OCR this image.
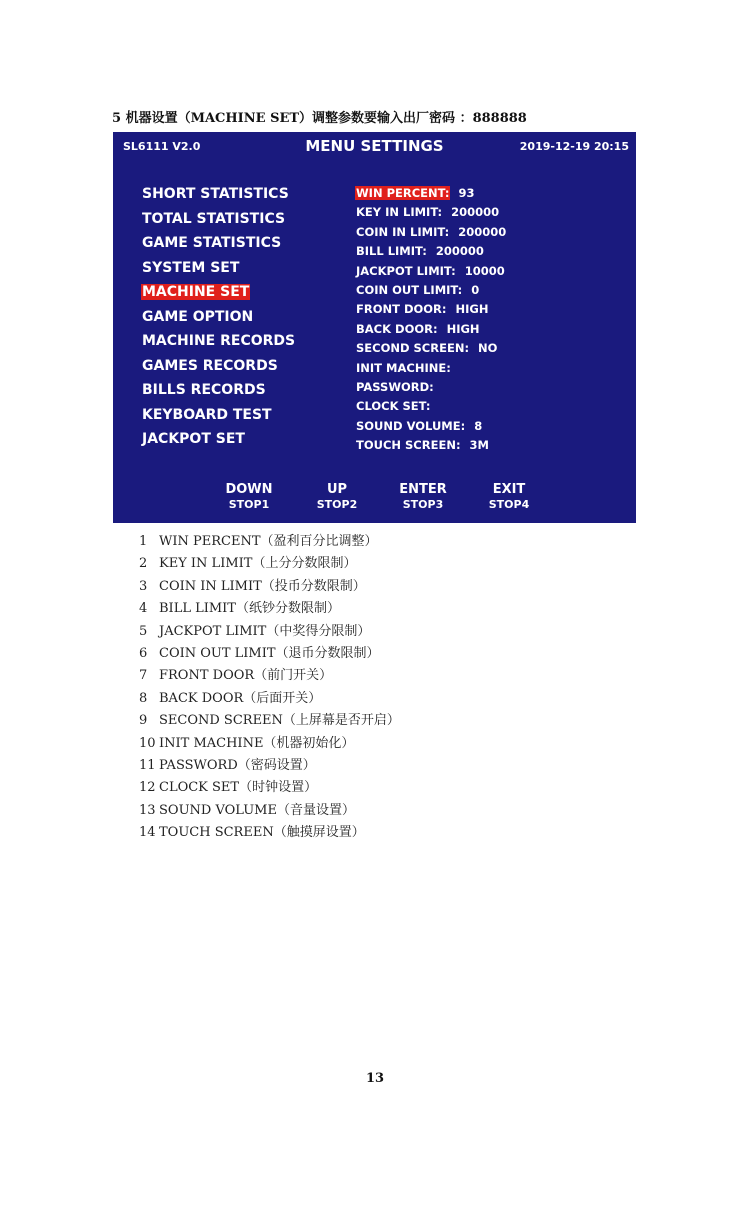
5 机器设置（MACHINE SET）调整参数要输入出厂密码 ：888888
SL6111 V2.0	MENU SETTINGS	2019-12-19 20:15
SHORT STATISTICS
TOTAL STATISTICS
GAME STATISTICS
SYSTEM SET
MACHINE SET
GAME OPTION
MACHINE RECORDS
GAMES RECORDS
BILLS RECORDS
KEYBOARD TEST
JACKPOT SET
WIN PERCENT: 93
KEY IN LIMIT: 200000
COIN IN LIMIT: 200000
BILL LIMIT: 200000
JACKPOT LIMIT: 10000
COIN OUT LIMIT: 0
FRONT DOOR: HIGH
BACK DOOR: HIGH
SECOND SCREEN: NO
INIT MACHINE:
PASSWORD:
CLOCK SET:
SOUND VOLUME: 8
TOUCH SCREEN: 3M
DOWN
STOP1
UP
STOP2
ENTER
STOP3
EXIT
STOP4
1 WIN PERCENT（盈利百分比调整）
2 KEY IN LIMIT（上分分数限制）
3 COIN IN LIMIT（投币分数限制）
4 BILL LIMIT（纸钞分数限制）
5 JACKPOT LIMIT（中奖得分限制）
6 COIN OUT LIMIT（退币分数限制）
7 FRONT DOOR（前门开关）
8 BACK DOOR（后面开关）
9 SECOND SCREEN（上屏幕是否开启）
10 INIT MACHINE（机器初始化）
11 PASSWORD（密码设置）
12 CLOCK SET（时钟设置）
13 SOUND VOLUME（音量设置）
14 TOUCH SCREEN（触摸屏设置）
13
